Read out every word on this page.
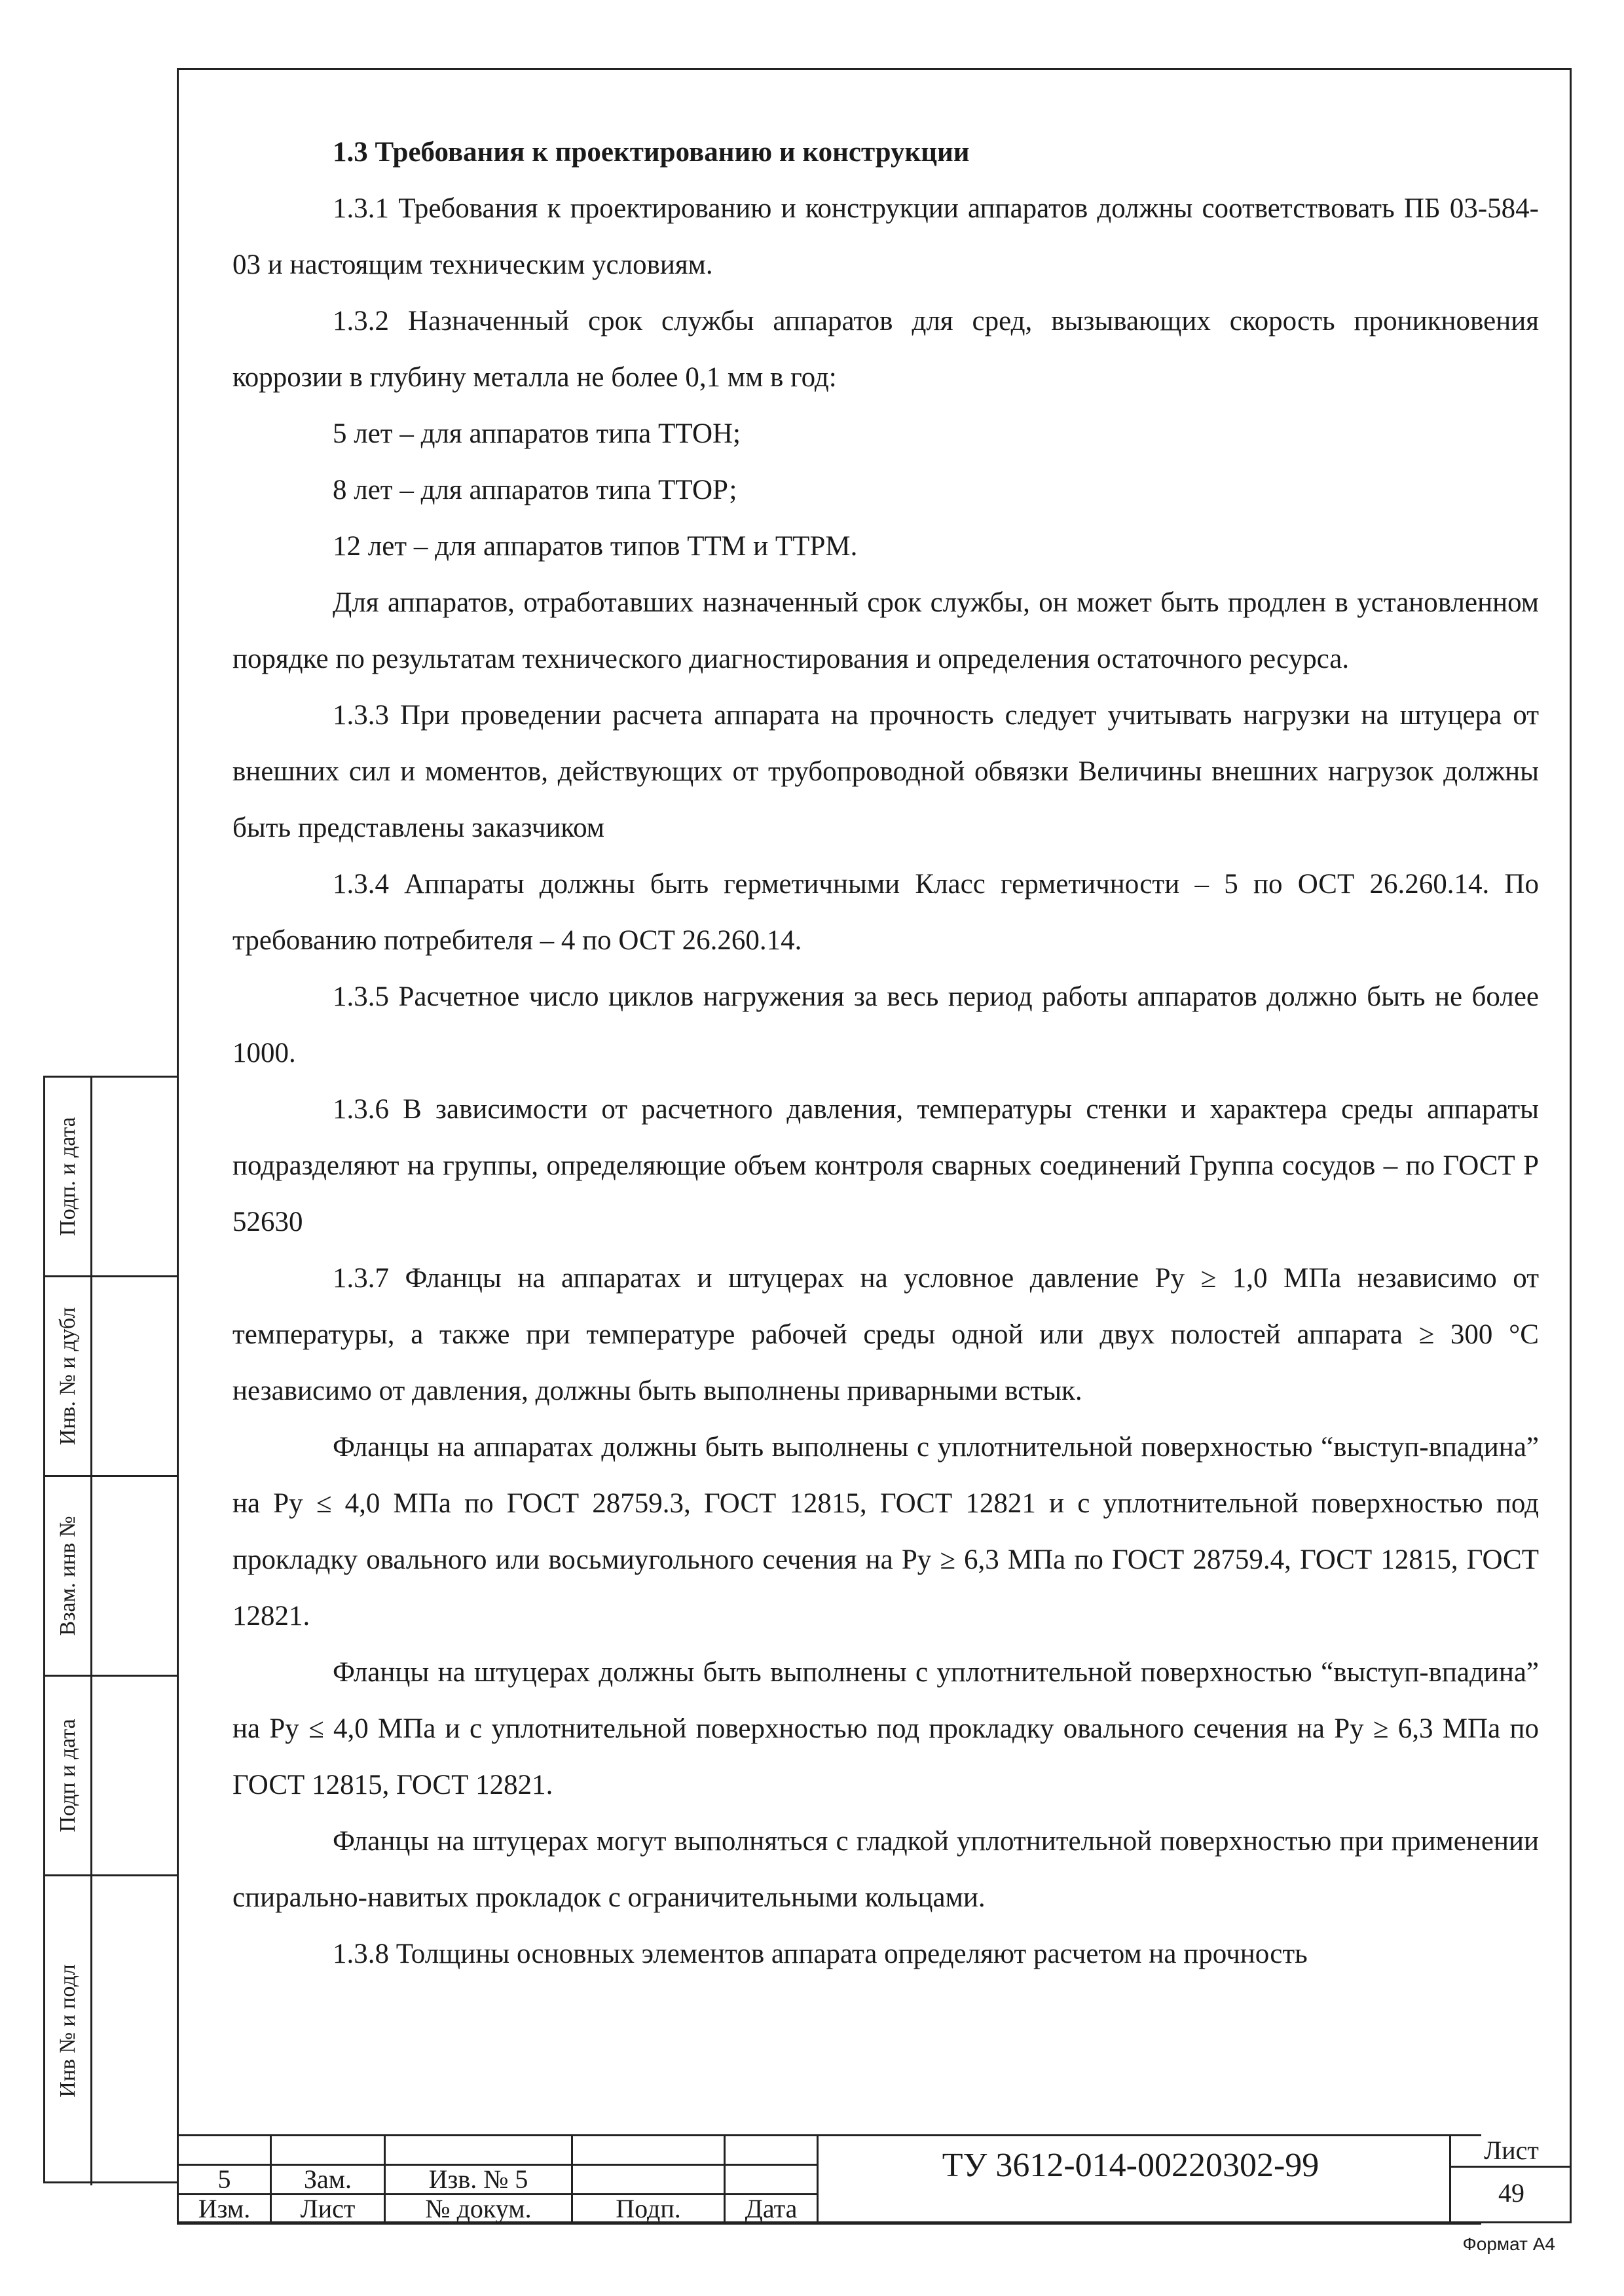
1.3 Требования к проектированию и конструкции

1.3.1 Требования к проектированию и конструкции аппаратов должны соответствовать ПБ 03-584-03 и настоящим техническим условиям.

1.3.2 Назначенный срок службы аппаратов для сред, вызывающих скорость проникновения коррозии в глубину металла не более 0,1 мм в год:

5 лет – для аппаратов типа ТТОН;

8 лет – для аппаратов типа ТТОР;

12 лет – для аппаратов типов ТТМ и ТТРМ.

Для аппаратов, отработавших назначенный срок службы, он может быть продлен в установленном порядке по результатам технического диагностирования и определения остаточного ресурса.

1.3.3 При проведении расчета аппарата на прочность следует учитывать нагрузки на штуцера от внешних сил и моментов, действующих от трубопроводной обвязки Величины внешних нагрузок должны быть представлены заказчиком

1.3.4 Аппараты должны быть герметичными Класс герметичности – 5 по ОСТ 26.260.14. По требованию потребителя – 4 по ОСТ 26.260.14.

1.3.5 Расчетное число циклов нагружения за весь период работы аппаратов должно быть не более 1000.

1.3.6 В зависимости от расчетного давления, температуры стенки и характера среды аппараты подразделяют на группы, определяющие объем контроля сварных соединений Группа сосудов – по ГОСТ Р 52630

1.3.7 Фланцы на аппаратах и штуцерах на условное давление Ру ≥ 1,0 МПа независимо от температуры, а также при температуре рабочей среды одной или двух полостей аппарата ≥ 300 °С независимо от давления, должны быть выполнены приварными встык.

Фланцы на аппаратах должны быть выполнены с уплотнительной поверхностью “выступ-впадина” на Ру ≤ 4,0 МПа по ГОСТ 28759.3, ГОСТ 12815, ГОСТ 12821 и с уплотнительной поверхностью под прокладку овального или восьмиугольного сечения на Ру ≥ 6,3 МПа по ГОСТ 28759.4, ГОСТ 12815, ГОСТ 12821.

Фланцы на штуцерах должны быть выполнены с уплотнительной поверхностью “выступ-впадина” на Ру ≤ 4,0 МПа и с уплотнительной поверхностью под прокладку овального сечения на Ру ≥ 6,3 МПа по ГОСТ 12815, ГОСТ 12821.

Фланцы на штуцерах могут выполняться с гладкой уплотнительной поверхностью при применении спирально-навитых прокладок с ограничительными кольцами.

1.3.8 Толщины основных элементов аппарата определяют расчетом на прочность

Подп. и дата
Инв. № и дубл
Взам. инв №
Подп и дата
Инв № и подл

5	Зам.	Изв. № 5			
Изм.	Лист	№ докум.	Подп.	Дата	
ТУ 3612-014-00220302-99	Лист
49
Формат А4
